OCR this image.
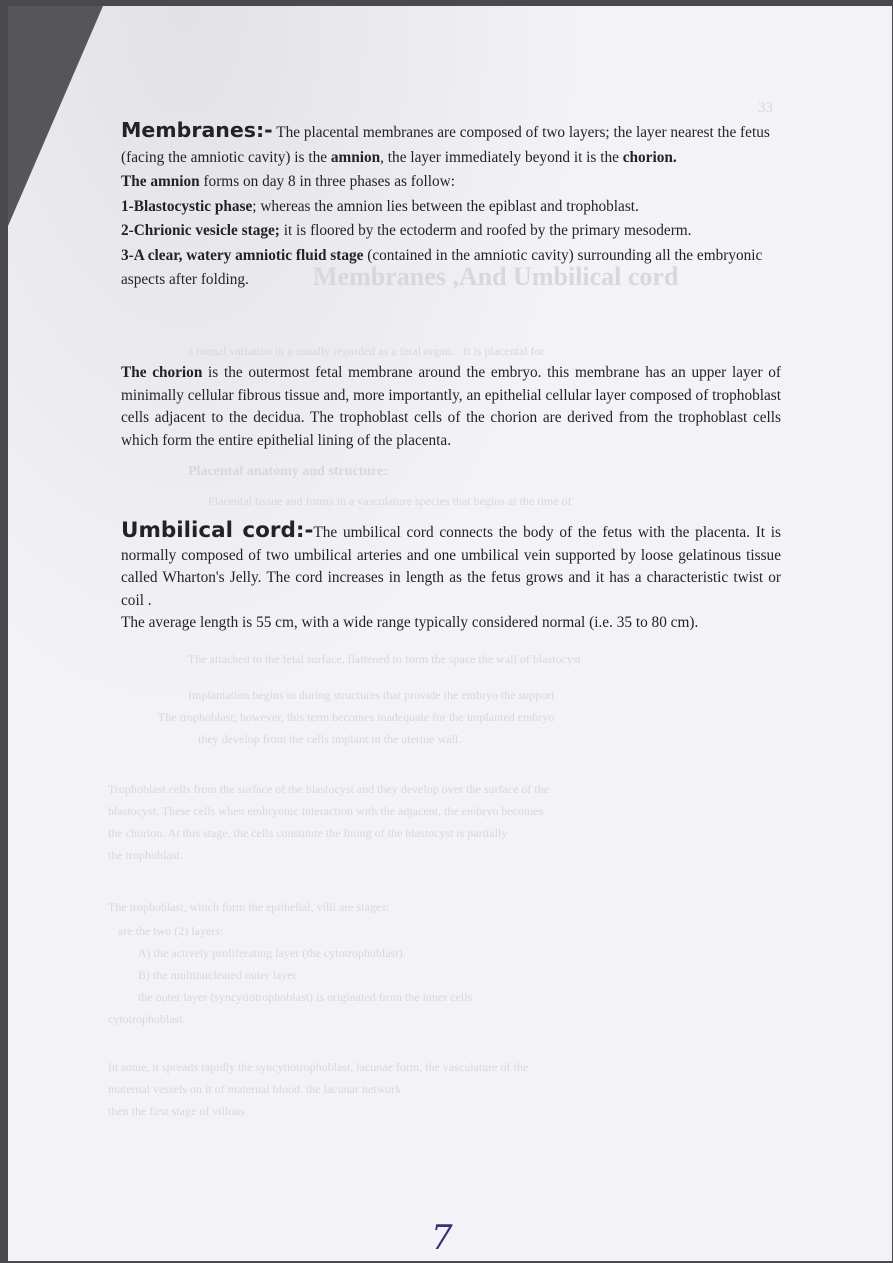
33
Membranes ,And Umbilical cord
a nomal variation in a usually regarded as a fetal organ... It is placental for
Placental anatomy and structure:
Placental tissue and forms in a vasculature species that begins at the time of
The attached to the fetal surface, flattened to form the space the wall of blastocyst
Implantation begins to during structures that provide the embryo the support
The trophoblast; however, this term becomes inadequate for the implanted embryo
they develop from the cells implant in the uterine wall.
Trophoblast cells from the surface of the blastocyst and they develop over the surface of the
blastocyst. These cells when embryonic interaction with the adjacent, the embryo becomes
the chorion. At this stage, the cells constitute the lining of the blastocyst is partially
the trophoblast.
The trophoblast, which form the epithelial, villi are stages:
are the two (2) layers:
A) the actively proliferating layer (the cytotrophoblast).
B) the multinucleated outer layer
the outer layer (syncytiotrophoblast) is originated from the inner cells
cytotrophoblast.
In some, it spreads rapidly the syncytiotrophoblast, lacunae form, the vasculature of the
maternal vessels on it of maternal blood. the lacunar network
then the first stage of villous

Membranes:- The placental membranes are composed of two layers; the layer nearest the fetus (facing the amniotic cavity) is the amnion, the layer immediately beyond it is the chorion.

The amnion forms on day 8 in three phases as follow:

1-Blastocystic phase; whereas the amnion lies between the epiblast and trophoblast.

2-Chrionic vesicle stage; it is floored by the ectoderm and roofed by the primary mesoderm.

3-A clear, watery amniotic fluid stage (contained in the amniotic cavity) surrounding all the embryonic aspects after folding.

The chorion is the outermost fetal membrane around the embryo. this membrane has an upper layer of minimally cellular fibrous tissue and, more importantly, an epithelial cellular layer composed of trophoblast cells adjacent to the decidua. The trophoblast cells of the chorion are derived from the trophoblast cells which form the entire epithelial lining of the placenta.

Umbilical cord:-The umbilical cord connects the body of the fetus with the placenta. It is normally composed of two umbilical arteries and one umbilical vein supported by loose gelatinous tissue called Wharton's Jelly. The cord increases in length as the fetus grows and it has a characteristic twist or coil .

The average length is 55 cm, with a wide range typically considered normal (i.e. 35 to 80 cm).

7
